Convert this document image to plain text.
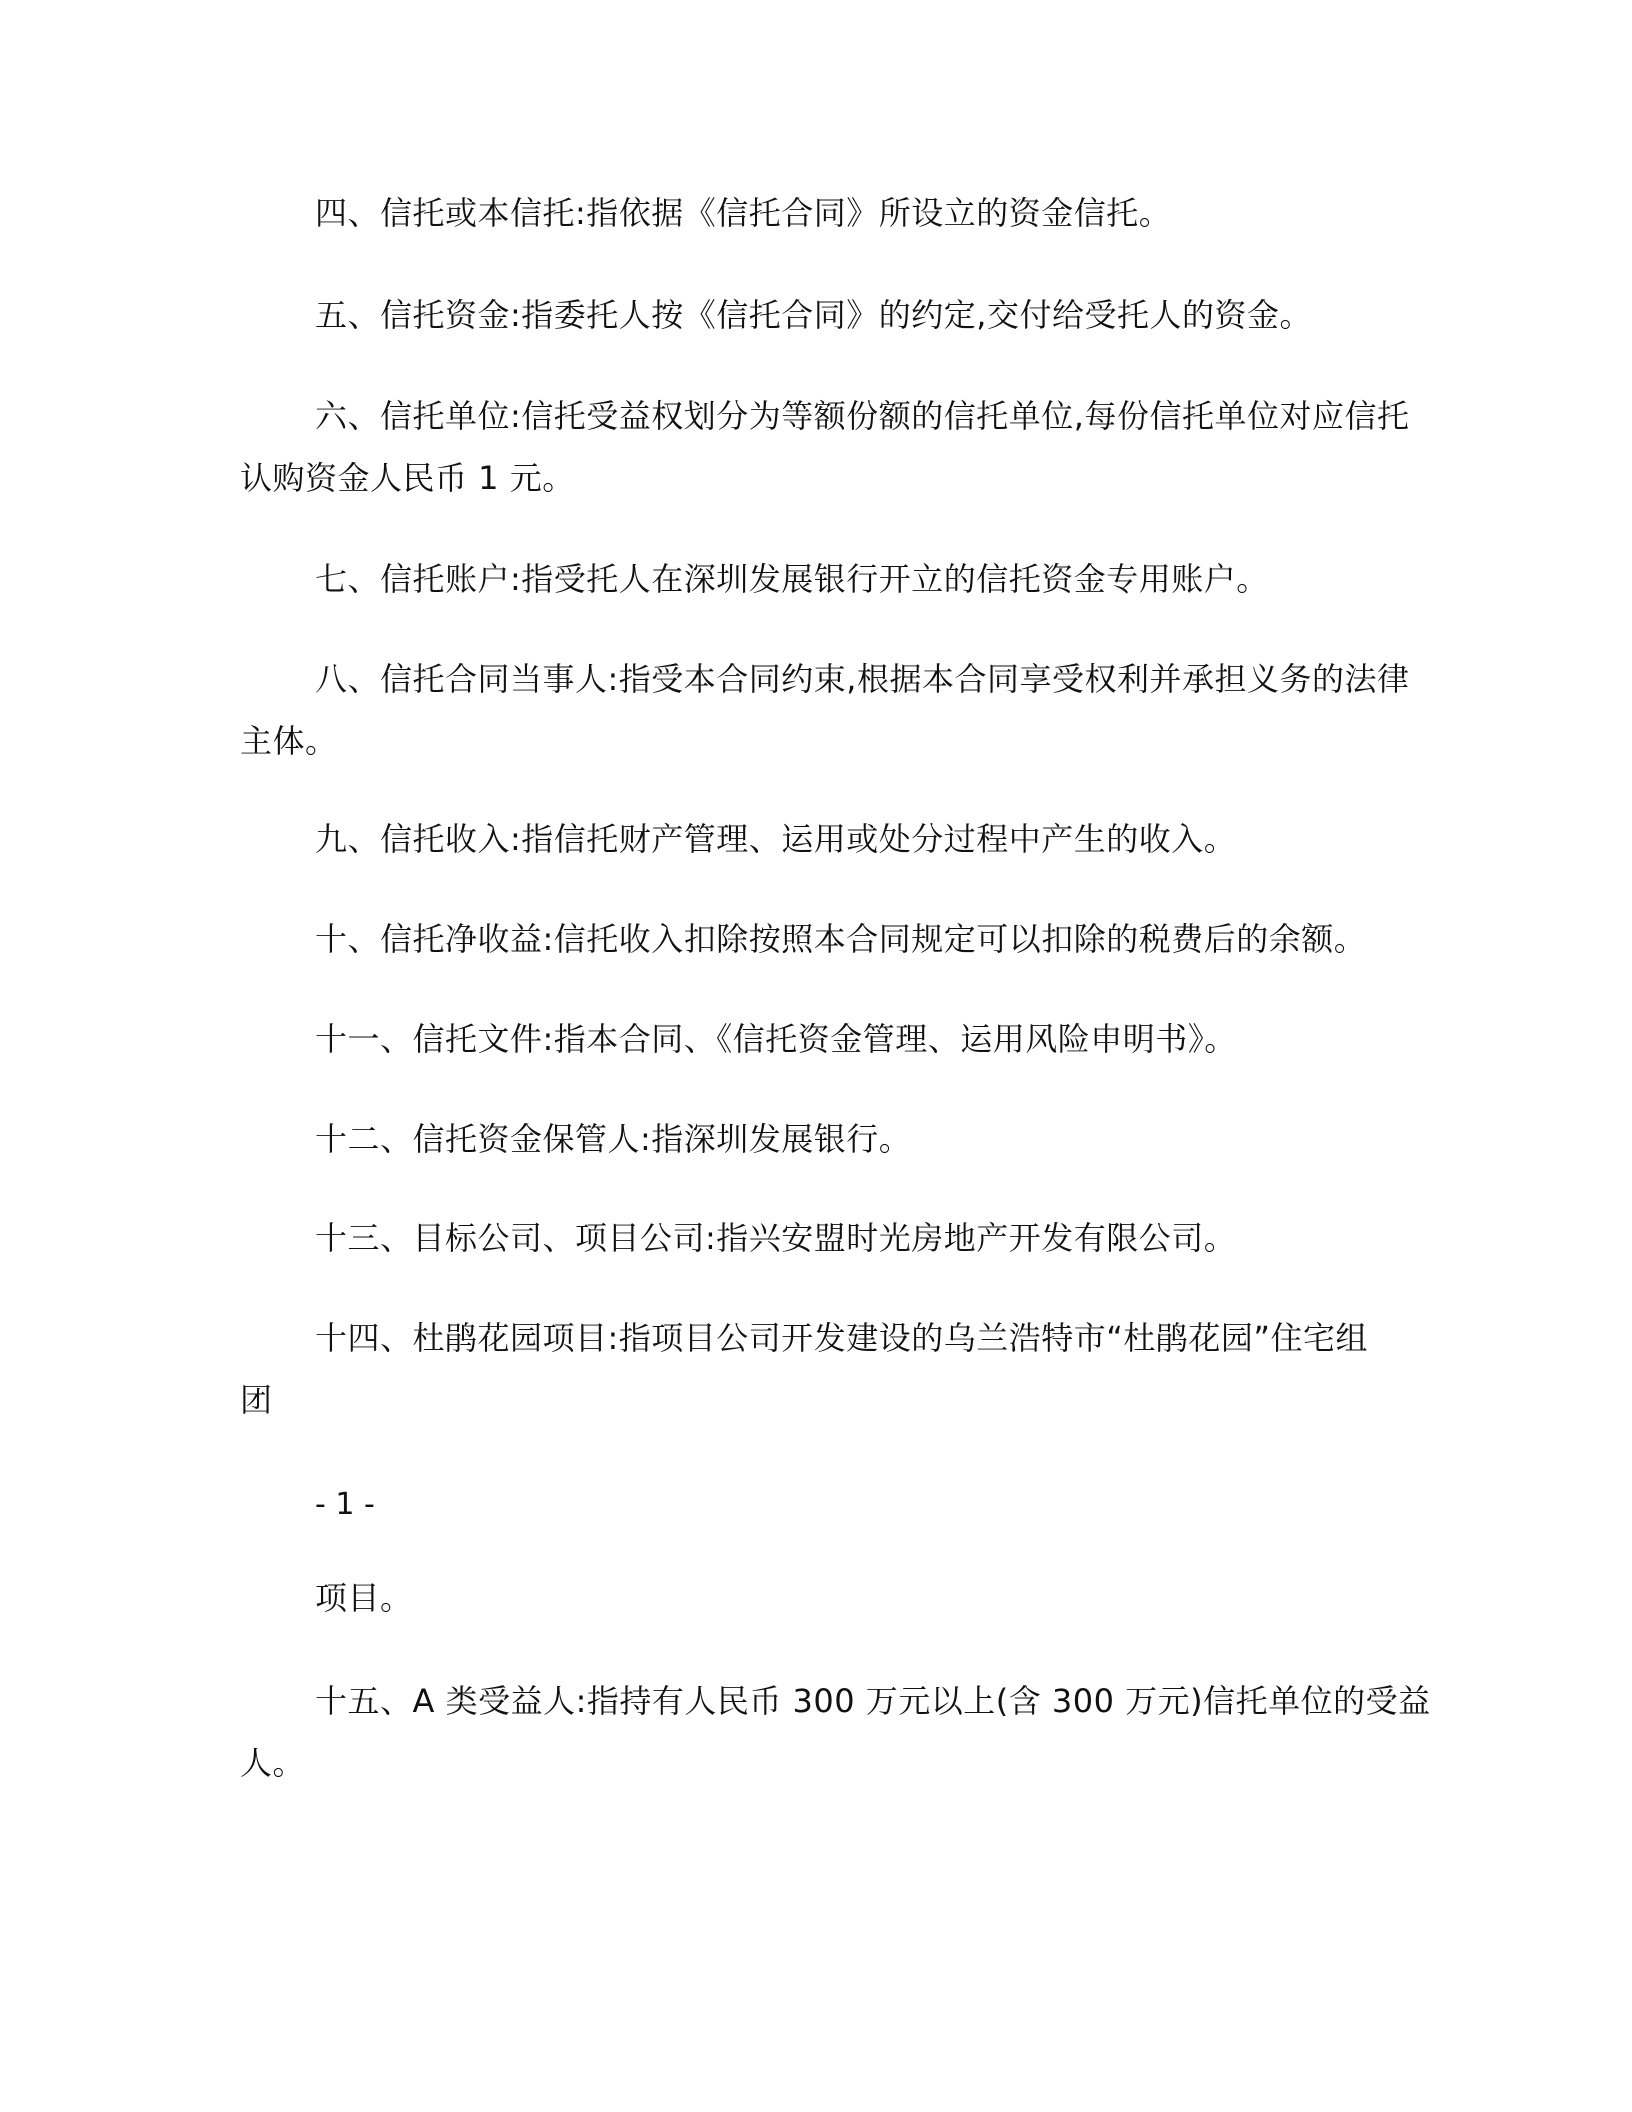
四、信托或本信托:指依据《信托合同》所设立的资金信托。
五、信托资金:指委托人按《信托合同》的约定,交付给受托人的资金。
六、信托单位:信托受益权划分为等额份额的信托单位,每份信托单位对应信托
认购资金人民币 1 元。
七、信托账户:指受托人在深圳发展银行开立的信托资金专用账户。
八、信托合同当事人:指受本合同约束,根据本合同享受权利并承担义务的法律
主体。
九、信托收入:指信托财产管理、运用或处分过程中产生的收入。
十、信托净收益:信托收入扣除按照本合同规定可以扣除的税费后的余额。
十一、信托文件:指本合同、《信托资金管理、运用风险申明书》。
十二、信托资金保管人:指深圳发展银行。
十三、目标公司、项目公司:指兴安盟时光房地产开发有限公司。
十四、杜鹃花园项目:指项目公司开发建设的乌兰浩特市“杜鹃花园”住宅组
团
- 1 -
项目。
十五、A 类受益人:指持有人民币 300 万元以上(含 300 万元)信托单位的受益
人。
